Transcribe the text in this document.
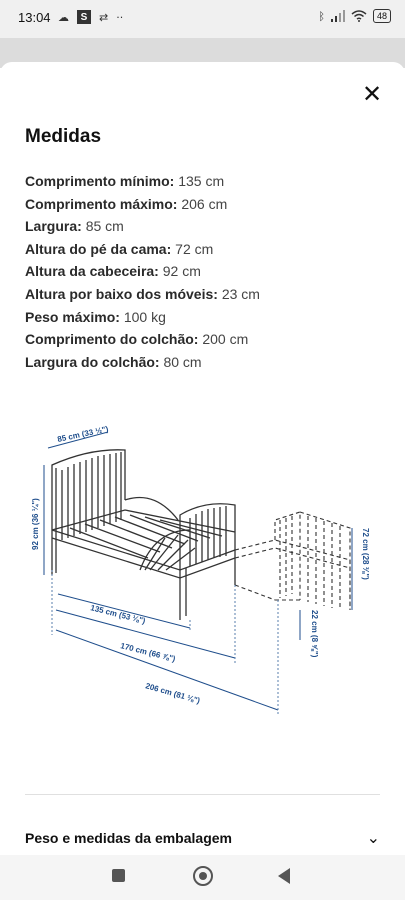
13:04 ☁	S	⇄ ··	ᛒ	48
✕
Medidas
Comprimento mínimo: 135 cm
Comprimento máximo: 206 cm
Largura: 85 cm
Altura do pé da cama: 72 cm
Altura da cabeceira: 92 cm
Altura por baixo dos móveis: 23 cm
Peso máximo: 100 kg
Comprimento do colchão: 200 cm
Largura do colchão: 80 cm
85 cm (33 ½")
92 cm (36 ¼")
135 cm (53 ⅛")
170 cm (66 ⅞")
206 cm (81 ⅛")
22 cm (8 ⅝")
72 cm (28 ⅜")
Peso e medidas da embalagem	⌄
